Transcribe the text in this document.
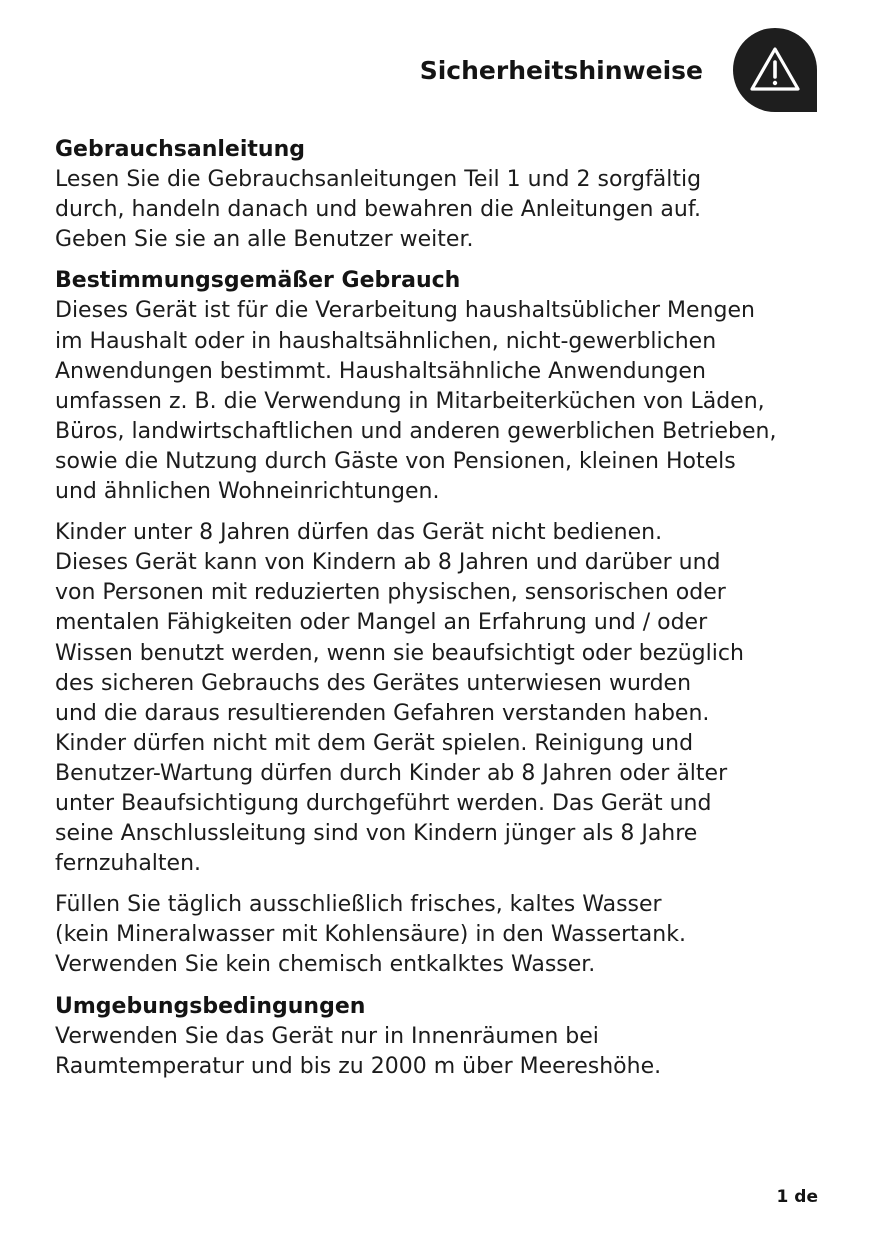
Sicherheitshinweise
Gebrauchsanleitung
Lesen Sie die Gebrauchsanleitungen Teil 1 und 2 sorgfältig
durch, handeln danach und bewahren die Anleitungen auf.
Geben Sie sie an alle Benutzer weiter.
Bestimmungsgemäßer Gebrauch
Dieses Gerät ist für die Verarbeitung haushaltsüblicher Mengen
im Haushalt oder in haushaltsähnlichen, nicht-gewerblichen
Anwendungen bestimmt. Haushaltsähnliche Anwendungen
umfassen z. B. die Verwendung in Mitarbeiterküchen von Läden,
Büros, landwirtschaftlichen und anderen gewerblichen Betrieben,
sowie die Nutzung durch Gäste von Pensionen, kleinen Hotels
und ähnlichen Wohneinrichtungen.
Kinder unter 8 Jahren dürfen das Gerät nicht bedienen.
Dieses Gerät kann von Kindern ab 8 Jahren und darüber und
von Personen mit reduzierten physischen, sensorischen oder
mentalen Fähigkeiten oder Mangel an Erfahrung und / oder
Wissen benutzt werden, wenn sie beaufsichtigt oder bezüglich
des sicheren Gebrauchs des Gerätes unterwiesen wurden
und die daraus resultierenden Gefahren verstanden haben.
Kinder dürfen nicht mit dem Gerät spielen. Reinigung und
Benutzer-Wartung dürfen durch Kinder ab 8 Jahren oder älter
unter Beaufsichtigung durchgeführt werden. Das Gerät und
seine Anschlussleitung sind von Kindern jünger als 8 Jahre
fernzuhalten.
Füllen Sie täglich ausschließlich frisches, kaltes Wasser
(kein Mineralwasser mit Kohlensäure) in den Wassertank.
Verwenden Sie kein chemisch entkalktes Wasser.
Umgebungsbedingungen
Verwenden Sie das Gerät nur in Innenräumen bei
Raumtemperatur und bis zu 2000 m über Meereshöhe.
1 de
